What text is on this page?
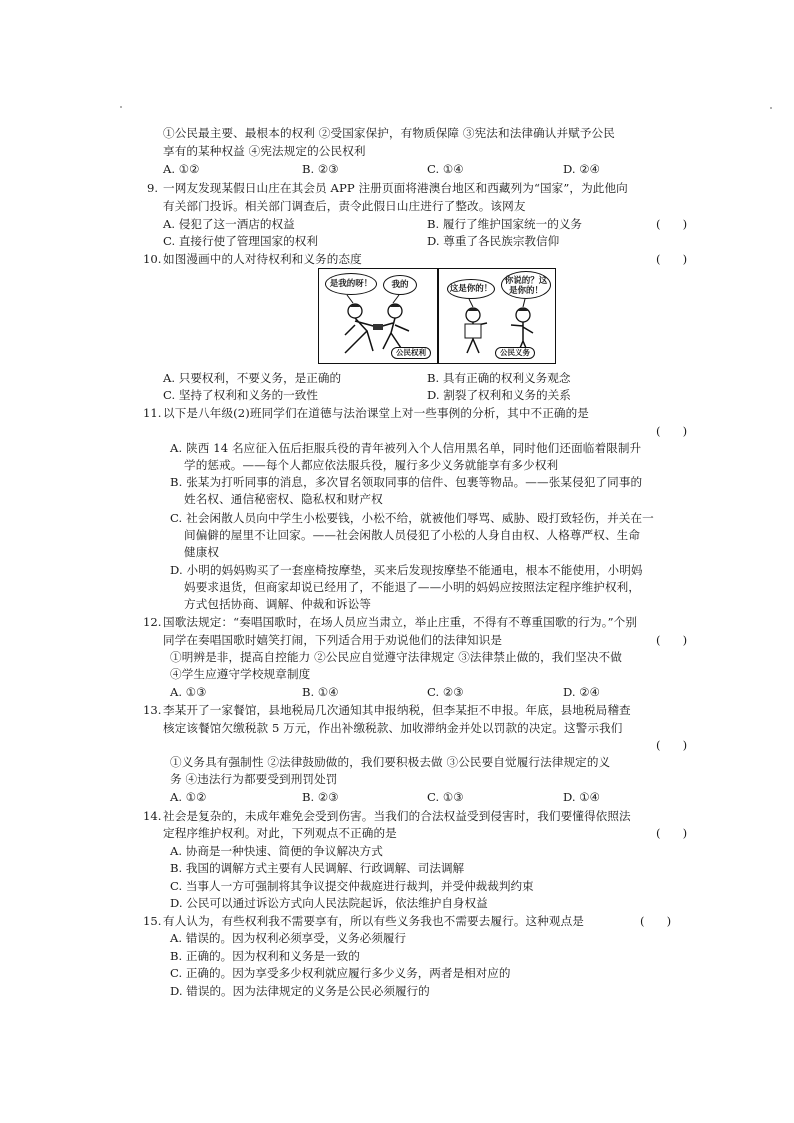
①公民最主要、最根本的权利 ②受国家保护，有物质保障 ③宪法和法律确认并赋予公民
享有的某种权益 ④宪法规定的公民权利
A. ①②	B. ②③	C. ①④	D. ②④
9. 一网友发现某假日山庄在其会员 APP 注册页面将港澳台地区和西藏列为“国家”，为此他向
有关部门投诉。相关部门调查后，责令此假日山庄进行了整改。该网友
(      )
A. 侵犯了这一酒店的权益	B. 履行了维护国家统一的义务
C. 直接行使了管理国家的权利	D. 尊重了各民族宗教信仰
10. 如图漫画中的人对待权利和义务的态度	(      )
是我的呀！	我的
公民权利
这是你的！
你说的？这是你的！
公民义务
A. 只要权利，不要义务，是正确的	B. 具有正确的权利义务观念
C. 坚持了权利和义务的一致性	D. 割裂了权利和义务的关系
11. 以下是八年级(2)班同学们在道德与法治课堂上对一些事例的分析，其中不正确的是
(      )
A. 陕西 14 名应征入伍后拒服兵役的青年被列入个人信用黑名单，同时他们还面临着限制升
学的惩戒。——每个人都应依法服兵役，履行多少义务就能享有多少权利
B. 张某为打听同事的消息，多次冒名领取同事的信件、包裹等物品。——张某侵犯了同事的
姓名权、通信秘密权、隐私权和财产权
C. 社会闲散人员向中学生小松要钱，小松不给，就被他们辱骂、威胁、殴打致轻伤，并关在一
间偏僻的屋里不让回家。——社会闲散人员侵犯了小松的人身自由权、人格尊严权、生命
健康权
D. 小明的妈妈购买了一套座椅按摩垫，买来后发现按摩垫不能通电，根本不能使用，小明妈
妈要求退货，但商家却说已经用了，不能退了——小明的妈妈应按照法定程序维护权利，
方式包括协商、调解、仲裁和诉讼等
12. 国歌法规定：“奏唱国歌时，在场人员应当肃立，举止庄重，不得有不尊重国歌的行为。”个别
同学在奏唱国歌时嬉笑打闹，下列适合用于劝说他们的法律知识是	(      )
①明辨是非，提高自控能力 ②公民应自觉遵守法律规定 ③法律禁止做的，我们坚决不做
④学生应遵守学校规章制度
A. ①③	B. ①④	C. ②③	D. ②④
13. 李某开了一家餐馆，县地税局几次通知其申报纳税，但李某拒不申报。年底，县地税局稽查
核定该餐馆欠缴税款 5 万元，作出补缴税款、加收滞纳金并处以罚款的决定。这警示我们
(      )
①义务具有强制性 ②法律鼓励做的，我们要积极去做 ③公民要自觉履行法律规定的义
务 ④违法行为都要受到刑罚处罚
A. ①②	B. ②③	C. ①③	D. ①④
14. 社会是复杂的，未成年难免会受到伤害。当我们的合法权益受到侵害时，我们要懂得依照法
定程序维护权利。对此，下列观点不正确的是	(      )
A. 协商是一种快速、简便的争议解决方式
B. 我国的调解方式主要有人民调解、行政调解、司法调解
C. 当事人一方可强制将其争议提交仲裁庭进行裁判，并受仲裁裁判约束
D. 公民可以通过诉讼方式向人民法院起诉，依法维护自身权益
15. 有人认为，有些权利我不需要享有，所以有些义务我也不需要去履行。这种观点是	(      )
A. 错误的。因为权利必须享受，义务必须履行
B. 正确的。因为权利和义务是一致的
C. 正确的。因为享受多少权利就应履行多少义务，两者是相对应的
D. 错误的。因为法律规定的义务是公民必须履行的
